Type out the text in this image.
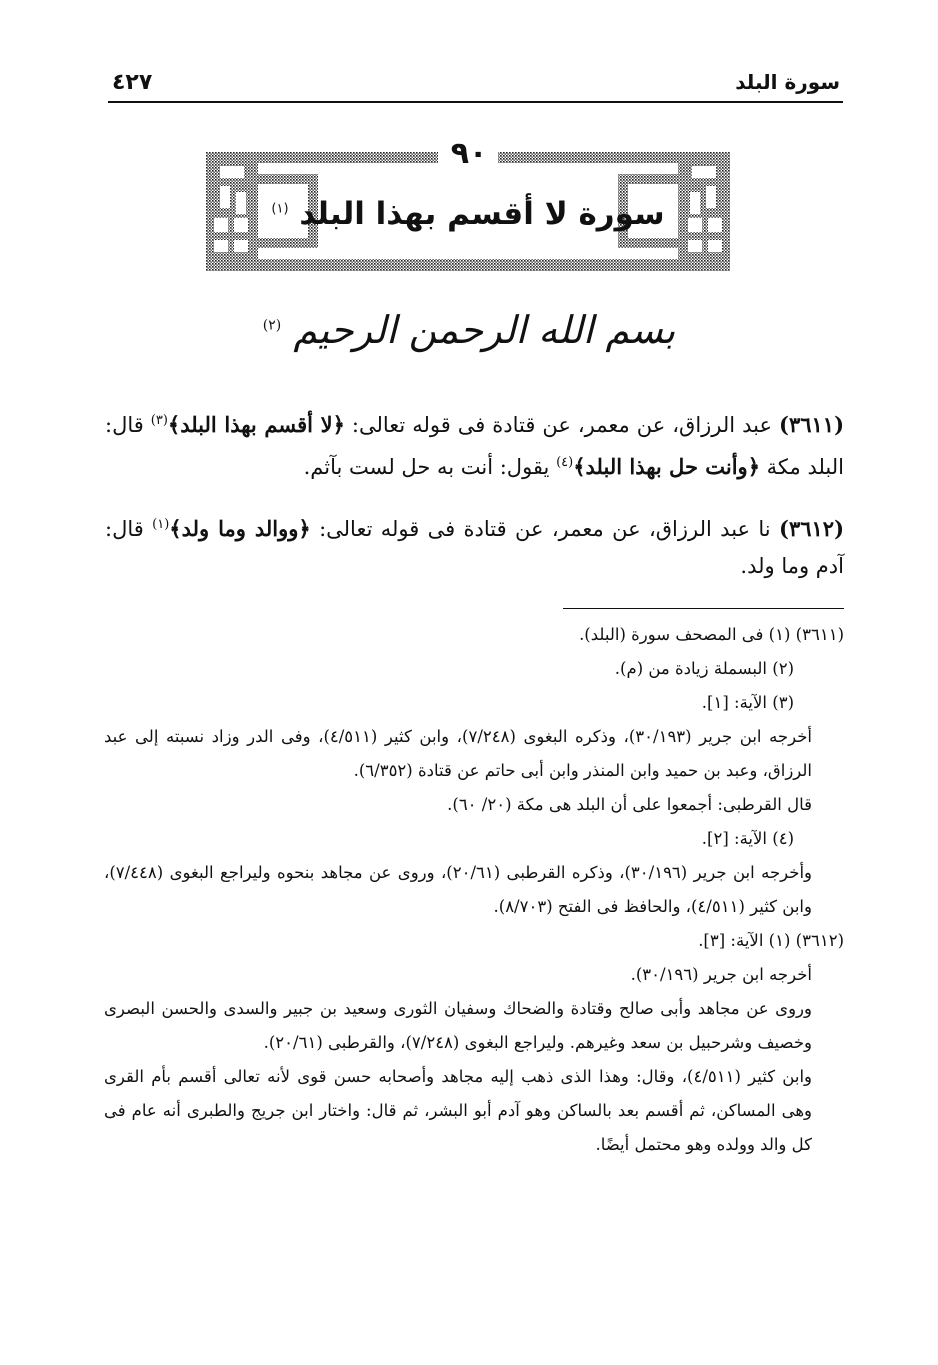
سورة البلد
٤٢٧
٩٠
سورة لا أقسم بهذا البلد $^{(١)}$
بسم الله الرحمن الرحيم $^{(٢)}$

(٣٦١١) عبد الرزاق، عن معمر، عن قتادة فى قوله تعالى: ﴿لا أقسم بهذا البلد﴾$^{(٣)}$ قال: البلد مكة ﴿وأنت حل بهذا البلد﴾$^{(٤)}$ يقول: أنت به حل لست بآثم.

(٣٦١٢) نا عبد الرزاق، عن معمر، عن قتادة فى قوله تعالى: ﴿ووالد وما ولد﴾$^{(١)}$ قال: آدم وما ولد.

(٣٦١١) (١) فى المصحف سورة (البلد).

(٢) البسملة زيادة من (م).

(٣) الآية: [١].

أخرجه ابن جرير (٣٠/١٩٣)، وذكره البغوى (٧/٢٤٨)، وابن كثير (٤/٥١١)، وفى الدر وزاد نسبته إلى عبد الرزاق، وعبد بن حميد وابن المنذر وابن أبى حاتم عن قتادة (٦/٣٥٢).

قال القرطبى: أجمعوا على أن البلد هى مكة (٢٠/ ٦٠).

(٤) الآية: [٢].

وأخرجه ابن جرير (٣٠/١٩٦)، وذكره القرطبى (٢٠/٦١)، وروى عن مجاهد بنحوه وليراجع البغوى (٧/٤٤٨)، وابن كثير (٤/٥١١)، والحافظ فى الفتح (٨/٧٠٣).

(٣٦١٢) (١) الآية: [٣].

أخرجه ابن جرير (٣٠/١٩٦).

وروى عن مجاهد وأبى صالح وقتادة والضحاك وسفيان الثورى وسعيد بن جبير والسدى والحسن البصرى وخصيف وشرحبيل بن سعد وغيرهم. وليراجع البغوى (٧/٢٤٨)، والقرطبى (٢٠/٦١).

وابن كثير (٤/٥١١)، وقال: وهذا الذى ذهب إليه مجاهد وأصحابه حسن قوى لأنه تعالى أقسم بأم القرى وهى المساكن، ثم أقسم بعد بالساكن وهو آدم أبو البشر، ثم قال: واختار ابن جريج والطبرى أنه عام فى كل والد وولده وهو محتمل أيضًا.
